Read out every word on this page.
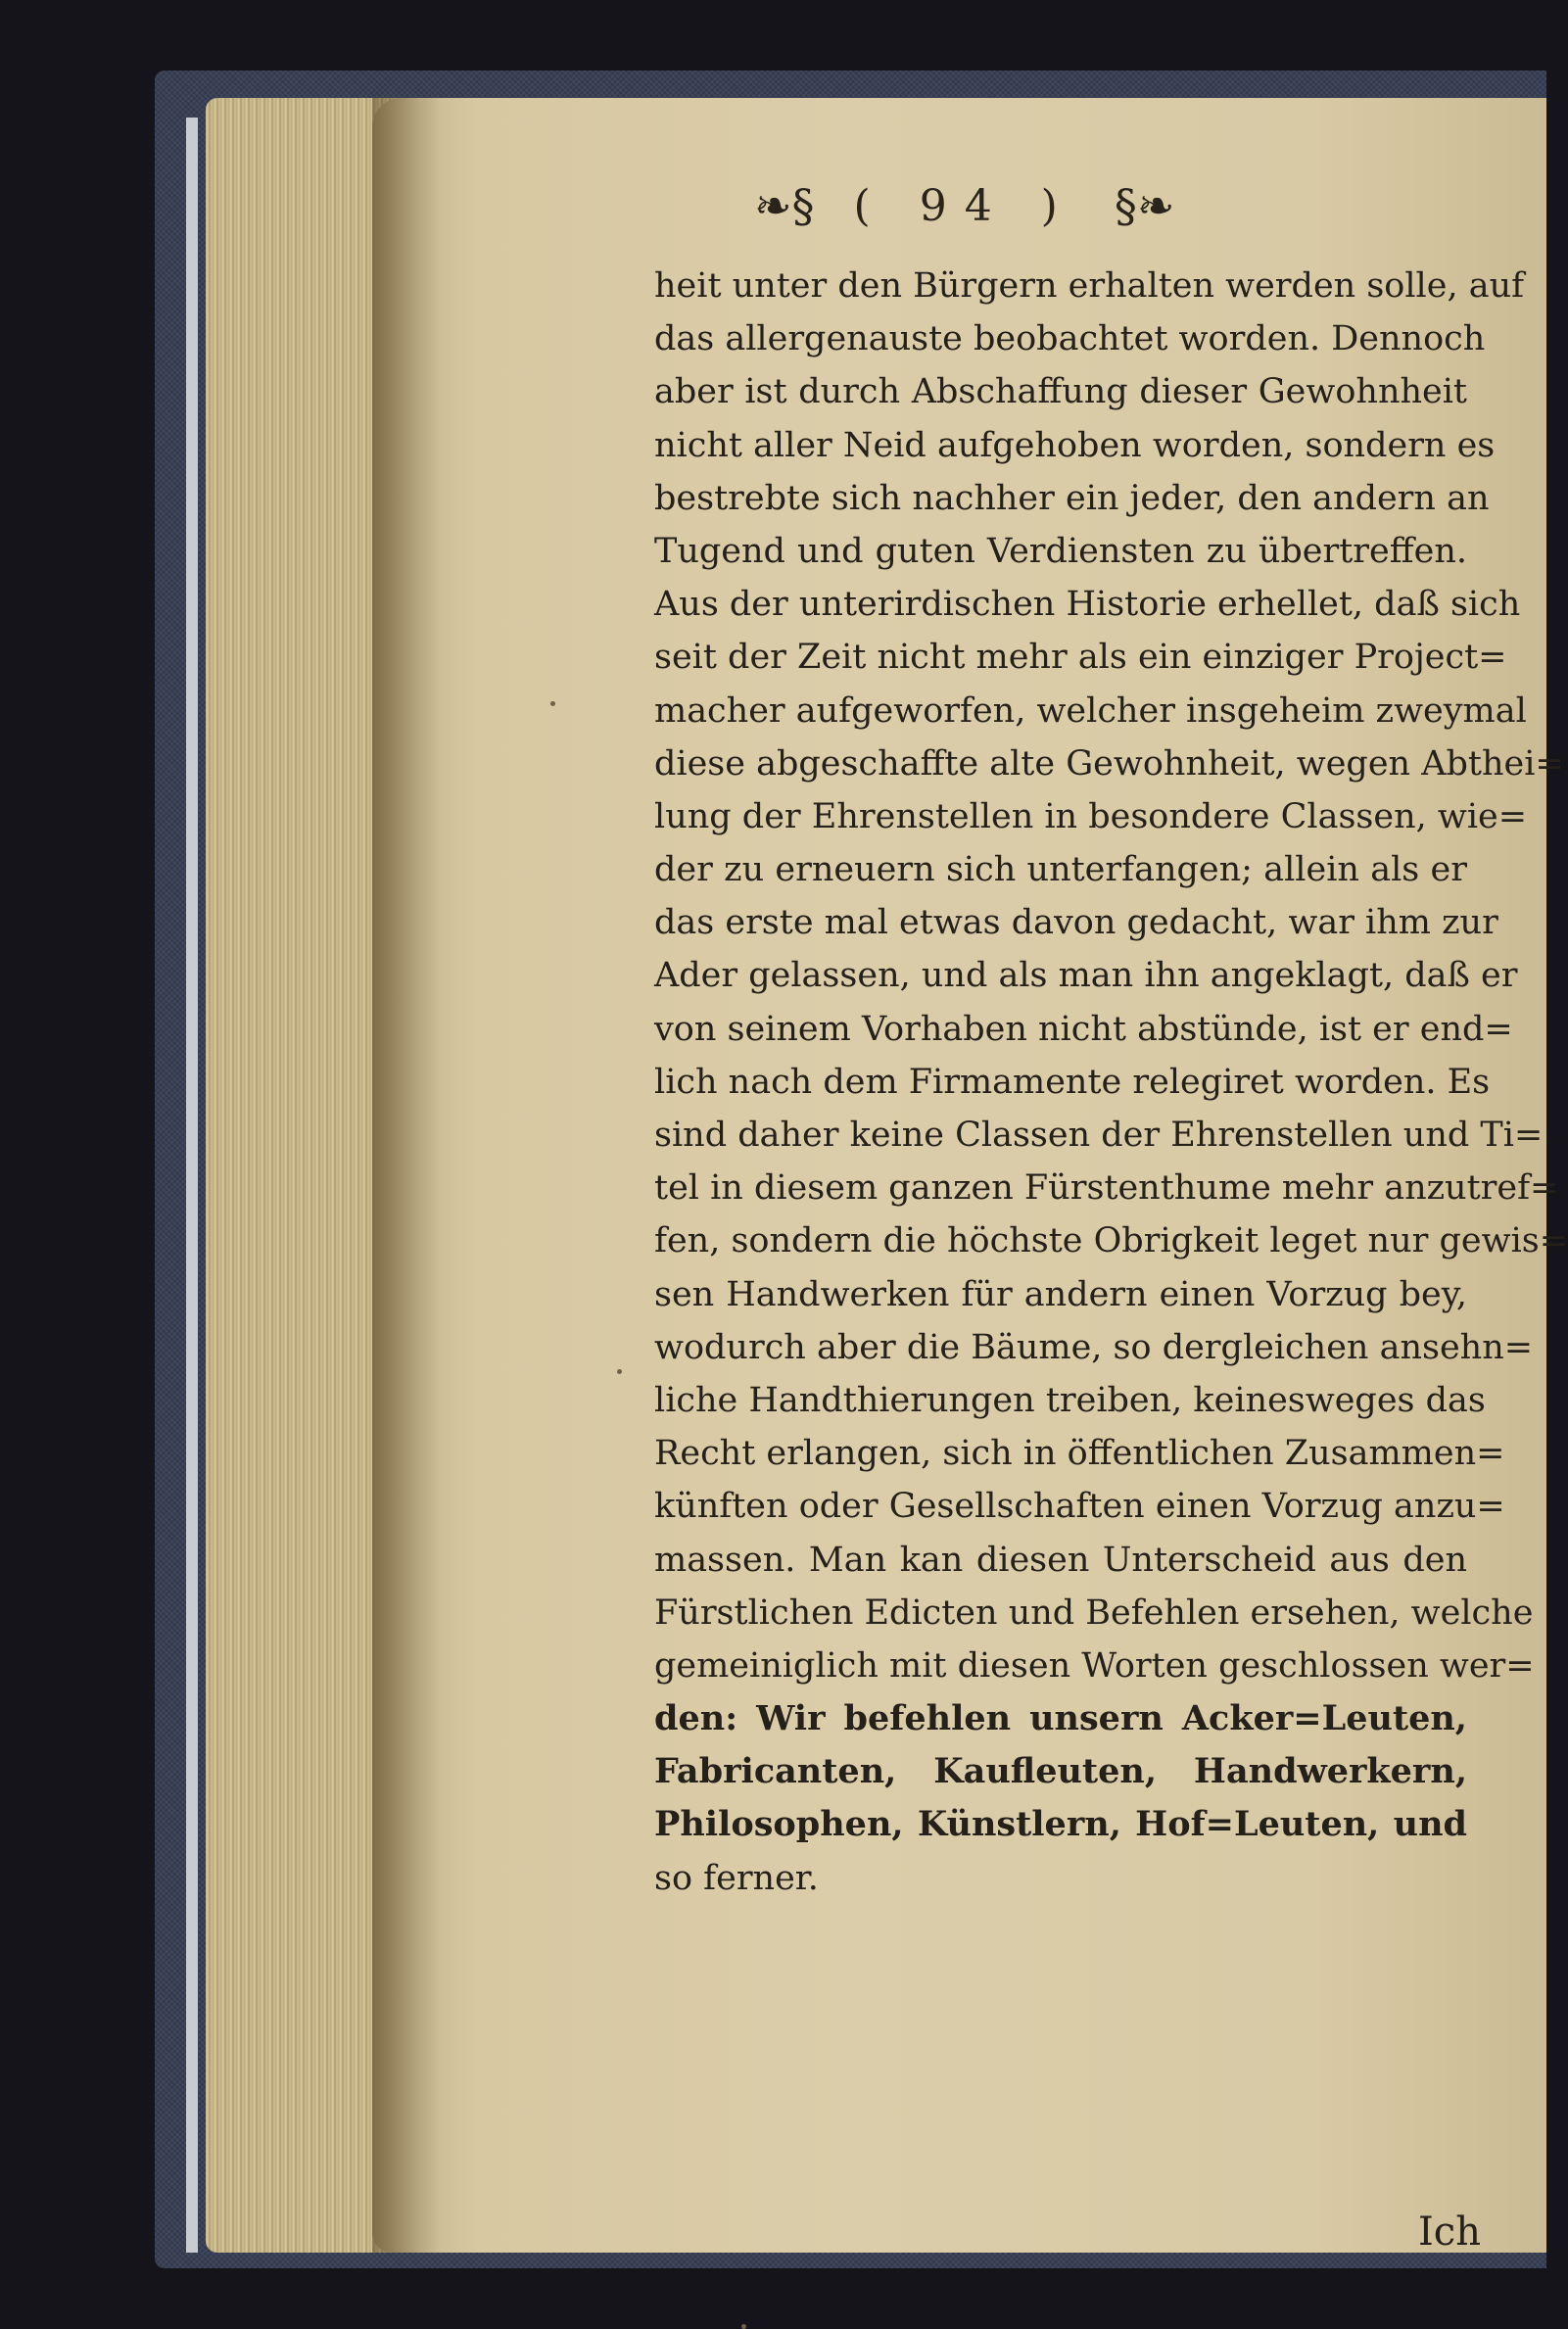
❧§ ( 94 ) §❧
heit unter den Bürgern erhalten werden solle, auf
das allergenauste beobachtet worden. Dennoch
aber ist durch Abschaffung dieser Gewohnheit
nicht aller Neid aufgehoben worden, sondern es
bestrebte sich nachher ein jeder, den andern an
Tugend und guten Verdiensten zu übertreffen.
Aus der unterirdischen Historie erhellet, daß sich
seit der Zeit nicht mehr als ein einziger Project=
macher aufgeworfen, welcher insgeheim zweymal
diese abgeschaffte alte Gewohnheit, wegen Abthei=
lung der Ehrenstellen in besondere Classen, wie=
der zu erneuern sich unterfangen; allein als er
das erste mal etwas davon gedacht, war ihm zur
Ader gelassen, und als man ihn angeklagt, daß er
von seinem Vorhaben nicht abstünde, ist er end=
lich nach dem Firmamente relegiret worden. Es
sind daher keine Classen der Ehrenstellen und Ti=
tel in diesem ganzen Fürstenthume mehr anzutref=
fen, sondern die höchste Obrigkeit leget nur gewis=
sen Handwerken für andern einen Vorzug bey,
wodurch aber die Bäume, so dergleichen ansehn=
liche Handthierungen treiben, keinesweges das
Recht erlangen, sich in öffentlichen Zusammen=
künften oder Gesellschaften einen Vorzug anzu=
massen. Man kan diesen Unterscheid aus den
Fürstlichen Edicten und Befehlen ersehen, welche
gemeiniglich mit diesen Worten geschlossen wer=
den: Wir befehlen unsern Acker=Leuten,
Fabricanten, Kaufleuten, Handwerkern,
Philosophen, Künstlern, Hof=Leuten, und
so ferner.
Ich
